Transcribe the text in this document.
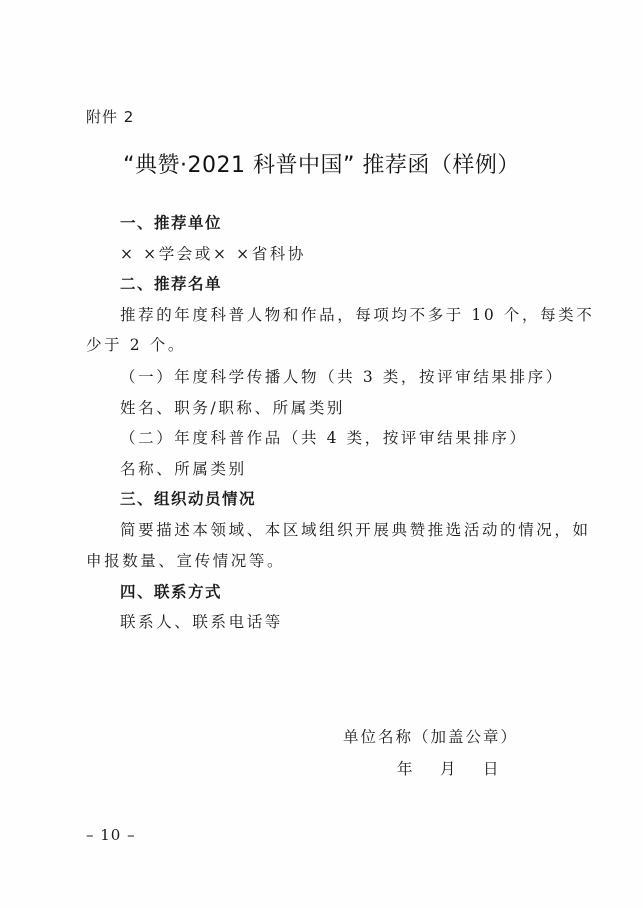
附件 2
“典赞·2021 科普中国” 推荐函（样例）
一、推荐单位
× ×学会或× ×省科协
二、推荐名单
推荐的年度科普人物和作品，每项均不多于 10 个，每类不
少于 2 个。
（一）年度科学传播人物（共 3 类，按评审结果排序）
姓名、职务/职称、所属类别
（二）年度科普作品（共 4 类，按评审结果排序）
名称、所属类别
三、组织动员情况
简要描述本领域、本区域组织开展典赞推选活动的情况，如
申报数量、宣传情况等。
四、联系方式
联系人、联系电话等
单位名称（加盖公章）
年　月　日
– 10 –
